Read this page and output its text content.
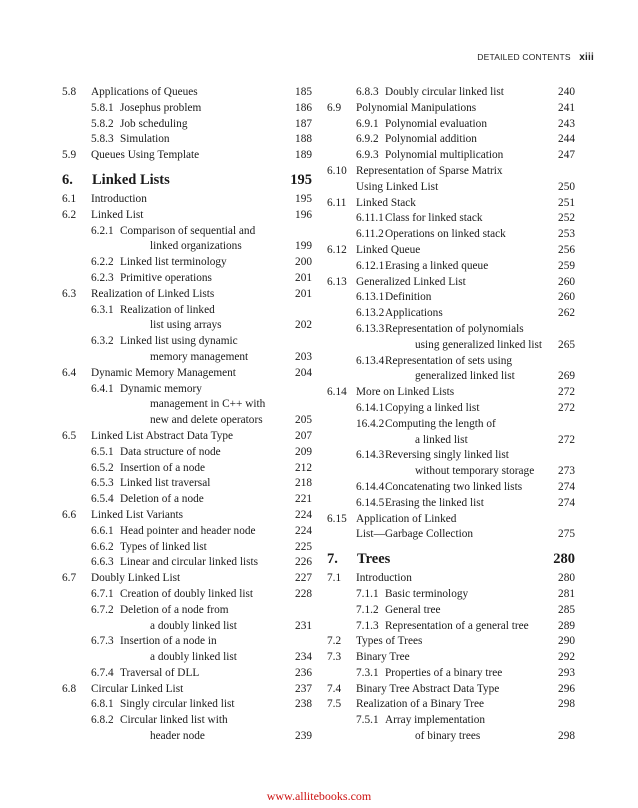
DETAILED CONTENTS xiii
5.8 Applications of Queues	185
5.8.1 Josephus problem	186
5.8.2 Job scheduling	187
5.8.3 Simulation	188
5.9 Queues Using Template	189
6. Linked Lists	195
6.1 Introduction	195
6.2 Linked List	196
6.2.1 Comparison of sequential and
linked organizations	199
6.2.2 Linked list terminology	200
6.2.3 Primitive operations	201
6.3 Realization of Linked Lists	201
6.3.1 Realization of linked
list using arrays	202
6.3.2 Linked list using dynamic
memory management	203
6.4 Dynamic Memory Management	204
6.4.1 Dynamic memory
management in C++ with
new and delete operators	205
6.5 Linked List Abstract Data Type	207
6.5.1 Data structure of node	209
6.5.2 Insertion of a node	212
6.5.3 Linked list traversal	218
6.5.4 Deletion of a node	221
6.6 Linked List Variants	224
6.6.1 Head pointer and header node	224
6.6.2 Types of linked list	225
6.6.3 Linear and circular linked lists	226
6.7 Doubly Linked List	227
6.7.1 Creation of doubly linked list	228
6.7.2 Deletion of a node from
a doubly linked list	231
6.7.3 Insertion of a node in
a doubly linked list	234
6.7.4 Traversal of DLL	236
6.8 Circular Linked List	237
6.8.1 Singly circular linked list	238
6.8.2 Circular linked list with
header node	239
6.8.3 Doubly circular linked list	240
6.9 Polynomial Manipulations	241
6.9.1 Polynomial evaluation	243
6.9.2 Polynomial addition	244
6.9.3 Polynomial multiplication	247
6.10 Representation of Sparse Matrix
Using Linked List	250
6.11 Linked Stack	251
6.11.1 Class for linked stack	252
6.11.2 Operations on linked stack	253
6.12 Linked Queue	256
6.12.1 Erasing a linked queue	259
6.13 Generalized Linked List	260
6.13.1 Definition	260
6.13.2 Applications	262
6.13.3 Representation of polynomials
using generalized linked list 265
6.13.4 Representation of sets using
generalized linked list	269
6.14 More on Linked Lists	272
6.14.1 Copying a linked list	272
16.4.2 Computing the length of
a linked list	272
6.14.3 Reversing singly linked list
without temporary storage 273
6.14.4 Concatenating two linked lists	274
6.14.5 Erasing the linked list	274
6.15 Application of Linked
List—Garbage Collection	275
7. Trees	280
7.1 Introduction	280
7.1.1 Basic terminology	281
7.1.2 General tree	285
7.1.3 Representation of a general tree	289
7.2 Types of Trees	290
7.3 Binary Tree	292
7.3.1 Properties of a binary tree	293
7.4 Binary Tree Abstract Data Type	296
7.5 Realization of a Binary Tree	298
7.5.1 Array implementation
of binary trees	298
www.allitebooks.com
